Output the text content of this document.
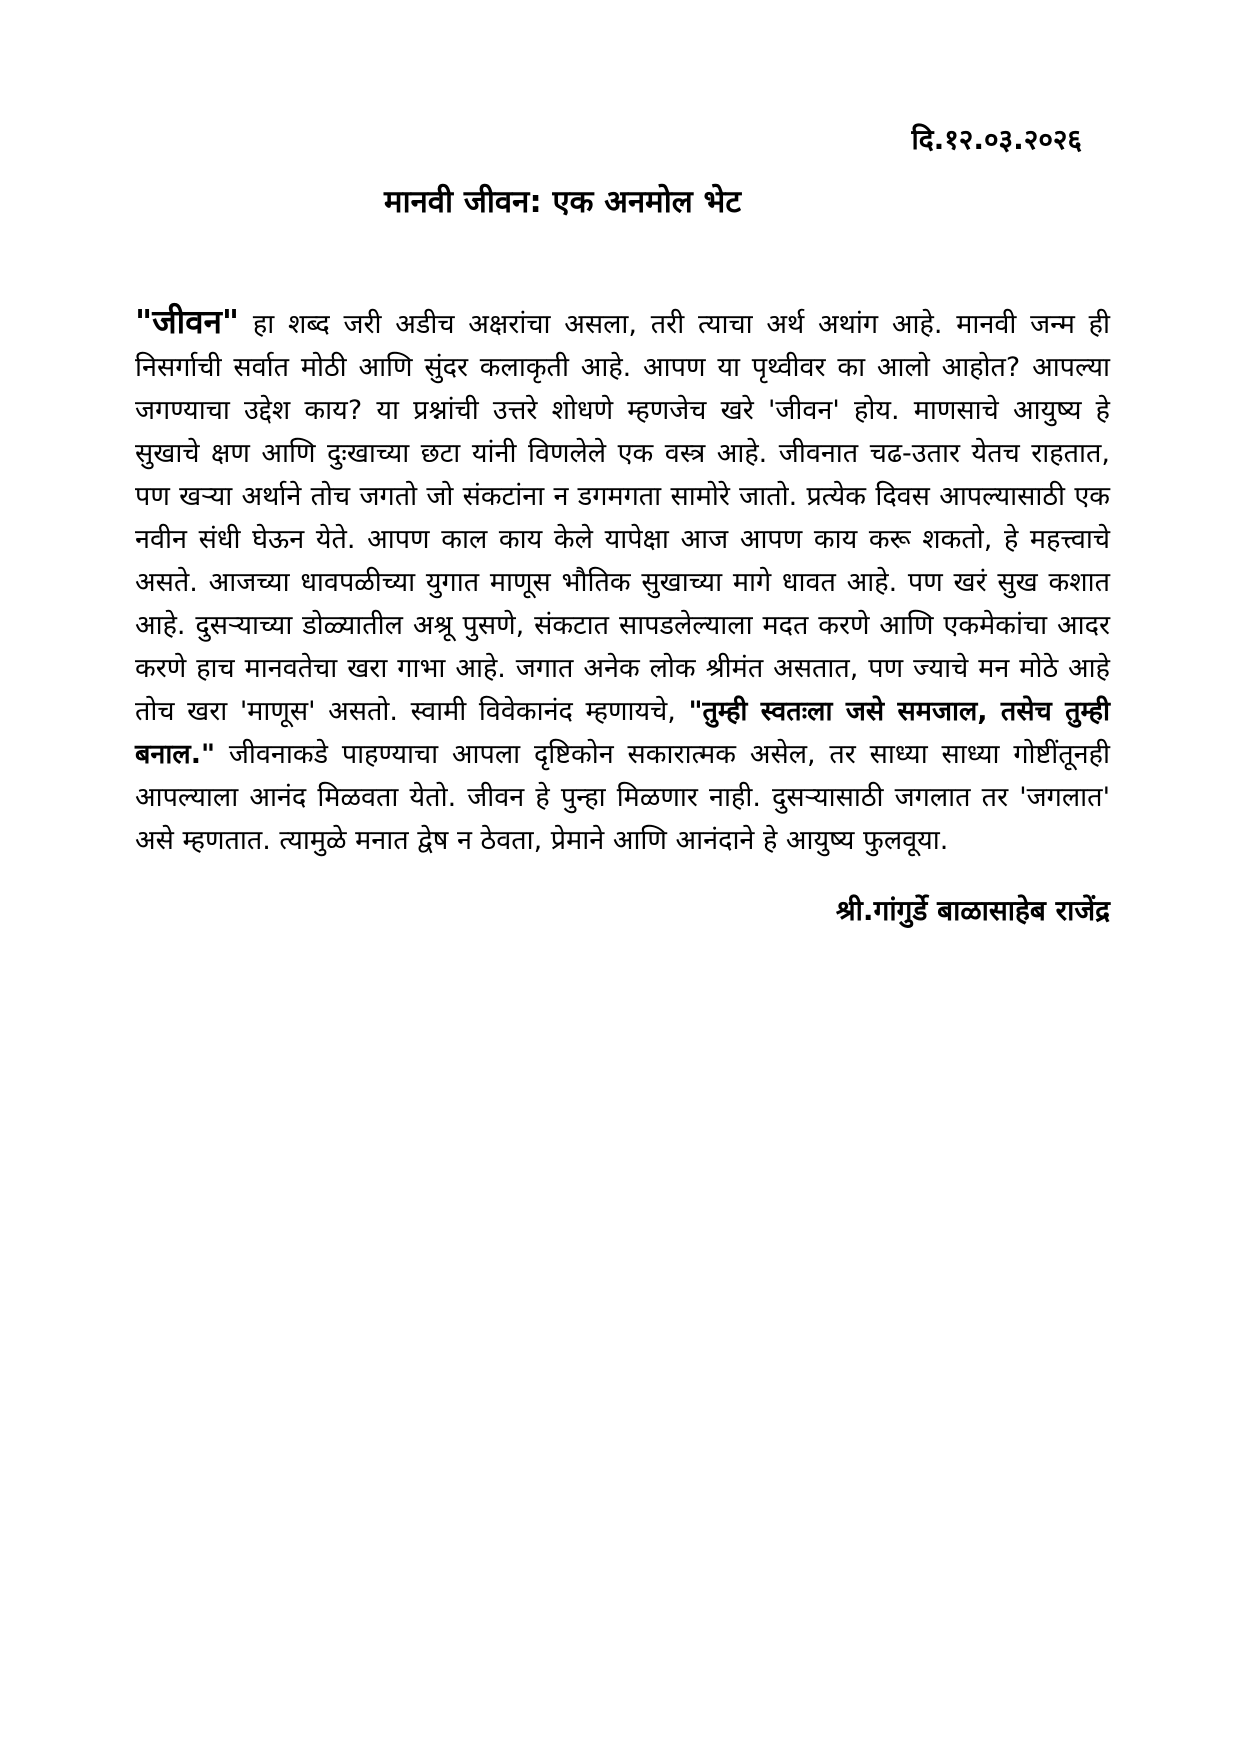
दि.१२.०३.२०२६
मानवी जीवन: एक अनमोल भेट

"जीवन" हा शब्द जरी अडीच अक्षरांचा असला, तरी त्याचा अर्थ अथांग आहे. मानवी जन्म ही निसर्गाची सर्वात मोठी आणि सुंदर कलाकृती आहे. आपण या पृथ्वीवर का आलो आहोत? आपल्या जगण्याचा उद्देश काय? या प्रश्नांची उत्तरे शोधणे म्हणजेच खरे 'जीवन' होय. माणसाचे आयुष्य हे सुखाचे क्षण आणि दुःखाच्या छटा यांनी विणलेले एक वस्त्र आहे. जीवनात चढ-उतार येतच राहतात, पण खऱ्या अर्थाने तोच जगतो जो संकटांना न डगमगता सामोरे जातो. प्रत्येक दिवस आपल्यासाठी एक नवीन संधी घेऊन येते. आपण काल काय केले यापेक्षा आज आपण काय करू शकतो, हे महत्त्वाचे असते. आजच्या धावपळीच्या युगात माणूस भौतिक सुखाच्या मागे धावत आहे. पण खरं सुख कशात आहे. दुसऱ्याच्या डोळ्यातील अश्रू पुसणे, संकटात सापडलेल्याला मदत करणे आणि एकमेकांचा आदर करणे हाच मानवतेचा खरा गाभा आहे. जगात अनेक लोक श्रीमंत असतात, पण ज्याचे मन मोठे आहे तोच खरा 'माणूस' असतो. स्वामी विवेकानंद म्हणायचे, "तुम्ही स्वतःला जसे समजाल, तसेच तुम्ही बनाल." जीवनाकडे पाहण्याचा आपला दृष्टिकोन सकारात्मक असेल, तर साध्या साध्या गोष्टींतूनही आपल्याला आनंद मिळवता येतो. जीवन हे पुन्हा मिळणार नाही. दुसऱ्यासाठी जगलात तर 'जगलात' असे म्हणतात. त्यामुळे मनात द्वेष न ठेवता, प्रेमाने आणि आनंदाने हे आयुष्य फुलवूया.

श्री.गांगुर्डे बाळासाहेब राजेंद्र
